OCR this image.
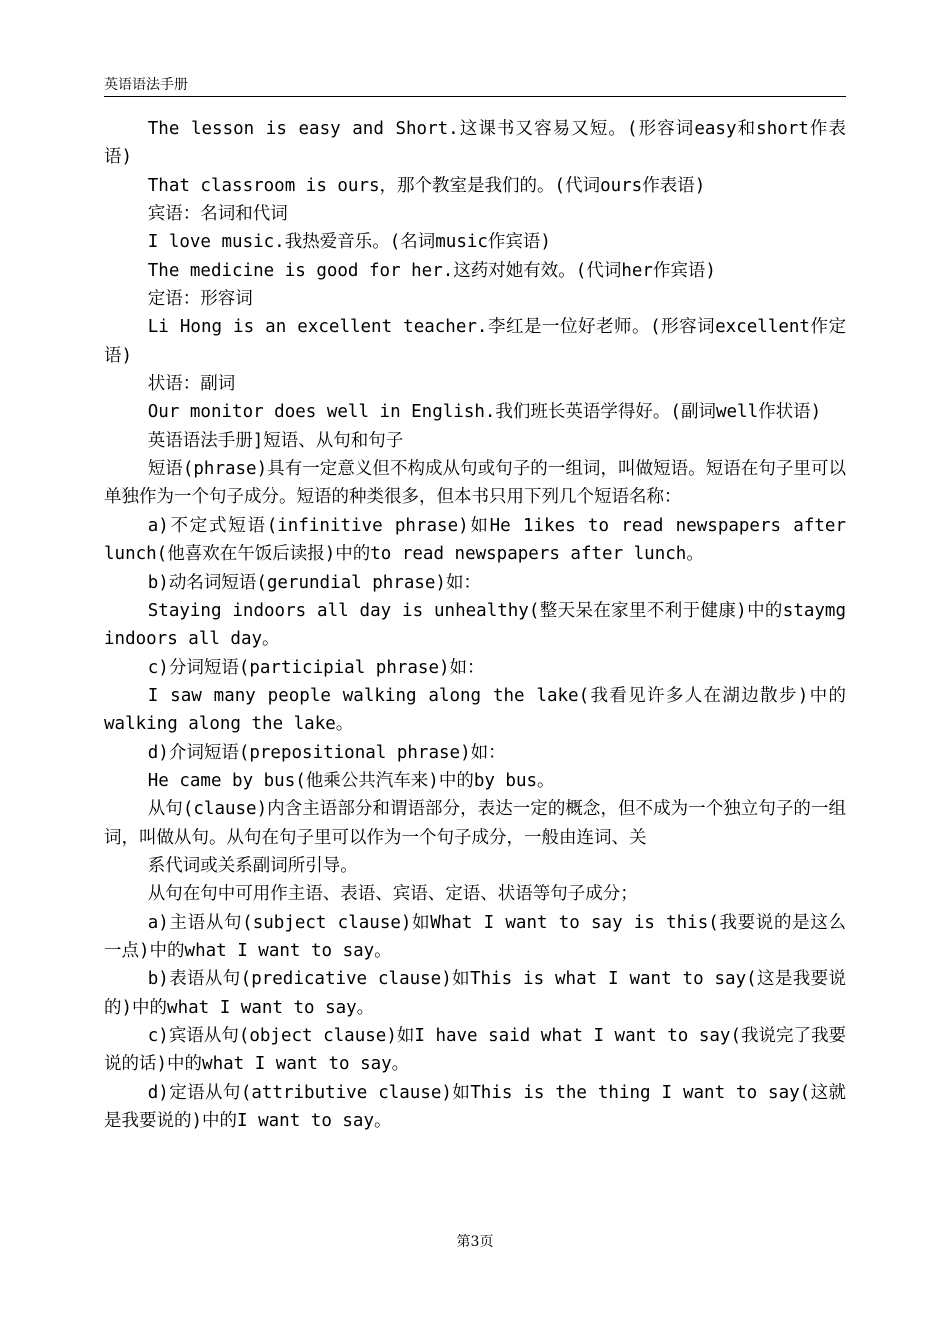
英语语法手册

The lesson is easy and Short.这课书又容易又短。(形容词easy和short作表语)

That classroom is ours，那个教室是我们的。(代词ours作表语)

宾语：名词和代词

I love music.我热爱音乐。(名词music作宾语)

The medicine is good for her.这药对她有效。(代词her作宾语)

定语：形容词

Li Hong is an excellent teacher.李红是一位好老师。(形容词excellent作定语)

状语：副词

Our monitor does well in English.我们班长英语学得好。(副词well作状语)

英语语法手册]短语、从句和句子

短语(phrase)具有一定意义但不构成从句或句子的一组词，叫做短语。短语在句子里可以单独作为一个句子成分。短语的种类很多，但本书只用下列几个短语名称：

a)不定式短语(infinitive phrase)如He 1ikes to read newspapers after lunch(他喜欢在午饭后读报)中的to read newspapers after lunch。

b)动名词短语(gerundial phrase)如：

Staying indoors all day is unhealthy(整天呆在家里不利于健康)中的staymg indoors all day。

c)分词短语(participial phrase)如：

I saw many people walking along the lake(我看见许多人在湖边散步)中的walking along the lake。

d)介词短语(prepositional phrase)如：

He came by bus(他乘公共汽车来)中的by bus。

从句(clause)内含主语部分和谓语部分，表达一定的概念，但不成为一个独立句子的一组词，叫做从句。从句在句子里可以作为一个句子成分，一般由连词、关

系代词或关系副词所引导。

从句在句中可用作主语、表语、宾语、定语、状语等句子成分；

a)主语从句(subject clause)如What I want to say is this(我要说的是这么一点)中的what I want to say。

b)表语从句(predicative clause)如This is what I want to say(这是我要说的)中的what I want to say。

c)宾语从句(object clause)如I have said what I want to say(我说完了我要说的话)中的what I want to say。

d)定语从句(attributive clause)如This is the thing I want to say(这就是我要说的)中的I want to say。

第3页
